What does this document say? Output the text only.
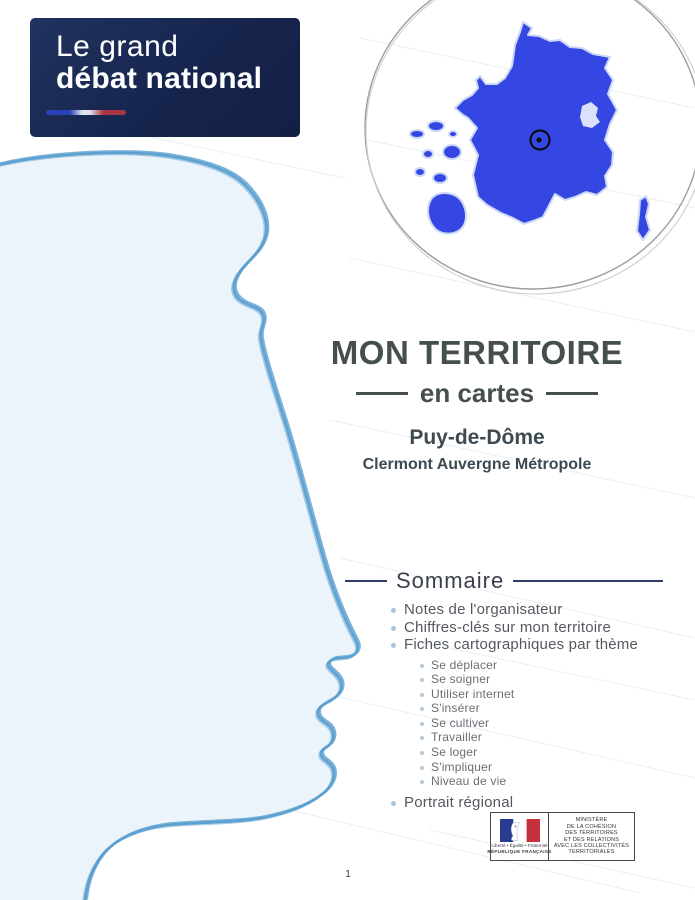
Le grand
débat national
MON TERRITOIRE
en cartes
Puy-de-Dôme
Clermont Auvergne Métropole
Sommaire
Notes de l'organisateur
Chiffres-clés sur mon territoire
Fiches cartographiques par thème
Se déplacer
Se soigner
Utiliser internet
S'insérer
Se cultiver
Travailler
Se loger
S'impliquer
Niveau de vie
Portrait régional
Liberté • Égalité • Fraternité
RÉPUBLIQUE FRANÇAISE
MINISTÈRE
DE LA COHÉSION
DES TERRITOIRES
ET DES RELATIONS
AVEC LES COLLECTIVITÉS
TERRITORIALES
1
